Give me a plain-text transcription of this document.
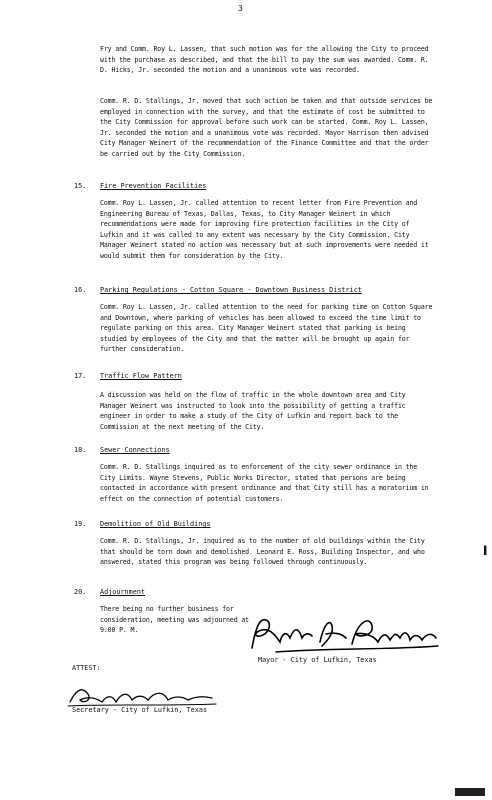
3

Fry and Comm. Roy L. Lassen, that such motion was for the allowing the City to proceed with the purchase as described, and that the bill to pay the sum was awarded. Comm. R. D. Hicks, Jr. seconded the motion and a unanimous vote was recorded.

Comm. R. D. Stallings, Jr. moved that such action be taken and that outside services be employed in connection with the survey, and that the estimate of cost be submitted to the City Commission for approval before such work can be started. Comm. Roy L. Lassen, Jr. seconded the motion and a unanimous vote was recorded. Mayor Harrison then advised City Manager Weinert of the recommendation of the Finance Committee and that the order be carried out by the City Commission.

15. Fire Prevention Facilities

Comm. Roy L. Lassen, Jr. called attention to recent letter from Fire Prevention and Engineering Bureau of Texas, Dallas, Texas, to City Manager Weinert in which recommendations were made for improving fire protection facilities in the City of Lufkin and it was called to any extent was necessary by the City Commission. City Manager Weinert stated no action was necessary but at such improvements were needed it would submit them for consideration by the City.

16. Parking Regulations - Cotton Square - Downtown Business District

Comm. Roy L. Lassen, Jr. called attention to the need for parking time on Cotton Square and Downtown, where parking of vehicles has been allowed to exceed the time limit to regulate parking on this area. City Manager Weinert stated that parking is being studied by employees of the City and that the matter will be brought up again for further consideration.

17. Traffic Flow Pattern

A discussion was held on the flow of traffic in the whole downtown area and City Manager Weinert was instructed to look into the possibility of getting a traffic engineer in order to make a study of the City of Lufkin and report back to the Commission at the next meeting of the City.

18. Sewer Connections

Comm. R. D. Stallings inquired as to enforcement of the city sewer ordinance in the City Limits. Wayne Stevens, Public Works Director, stated that persons are being contacted in accordance with present ordinance and that City still has a moratorium in effect on the connection of potential customers.

19. Demolition of Old Buildings

Comm. R. D. Stallings, Jr. inquired as to the number of old buildings within the City that should be torn down and demolished. Leonard E. Ross, Building Inspector, and who answered, stated this program was being followed through continuously.

20. Adjournment

There being no further business for consideration, meeting was adjourned at 9:00 P. M.

Mayor - City of Lufkin, Texas
ATTEST:
Secretary - City of Lufkin, Texas
▌
